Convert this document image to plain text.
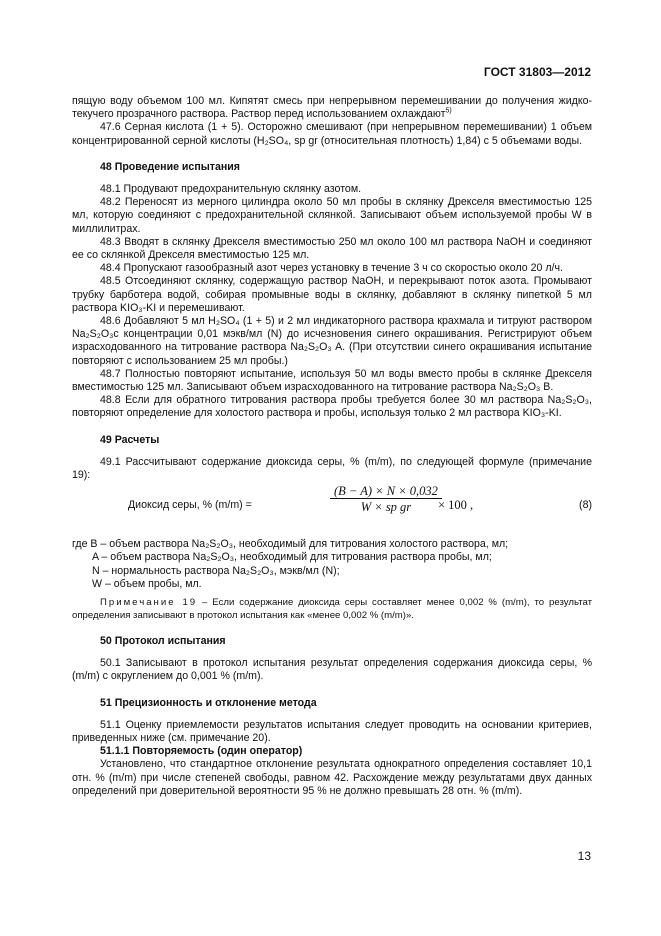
ГОСТ 31803—2012

пящую воду объемом 100 мл. Кипятят смесь при непрерывном перемешивании до получения жидкотекучего прозрачного раствора. Раствор перед использованием охлаждают$^{5)}$

47.6 Серная кислота (1 + 5). Осторожно смешивают (при непрерывном перемешивании) 1 объем концентрированной серной кислоты (H₂SO₄, sp gr (относительная плотность) 1,84) с 5 объемами воды.

48 Проведение испытания

48.1 Продувают предохранительную склянку азотом.

48.2 Переносят из мерного цилиндра около 50 мл пробы в склянку Дрекселя вместимостью 125 мл, которую соединяют с предохранительной склянкой. Записывают объем используемой пробы W в миллилитрах.

48.3 Вводят в склянку Дрекселя вместимостью 250 мл около 100 мл раствора NaOH и соединяют ее со склянкой Дрекселя вместимостью 125 мл.

48.4 Пропускают газообразный азот через установку в течение 3 ч со скоростью около 20 л/ч.

48.5 Отсоединяют склянку, содержащую раствор NaOH, и перекрывают поток азота. Промывают трубку барботера водой, собирая промывные воды в склянку, добавляют в склянку пипеткой 5 мл раствора KIO₃-KI и перемешивают.

48.6 Добавляют 5 мл H₂SO₄ (1 + 5) и 2 мл индикаторного раствора крахмала и титруют раствором Na₂S₂O₃с концентрации 0,01 мэкв/мл (N) до исчезновения синего окрашивания. Регистрируют объем израсходованного на титрование раствора Na₂S₂O₃ A. (При отсутствии синего окрашивания испытание повторяют с использованием 25 мл пробы.)

48.7 Полностью повторяют испытание, используя 50 мл воды вместо пробы в склянке Дрекселя вместимостью 125 мл. Записывают объем израсходованного на титрование раствора Na₂S₂O₃ B.

48.8 Если для обратного титрования раствора пробы требуется более 30 мл раствора Na₂S₂O₃, повторяют определение для холостого раствора и пробы, используя только 2 мл раствора KIO₃-KI.

49 Расчеты

49.1 Рассчитывают содержание диоксида серы, % (m/m), по следующей формуле (примечание 19):

Диоксид серы, % (m/m) =	$\frac{(B - A) \times N \times 0,032}{\text{W × sp gr}}$
× 100 ,	(8)

где B – объем раствора Na₂S₂O₃, необходимый для титрования холостого раствора, мл;

A – объем раствора Na₂S₂O₃, необходимый для титрования раствора пробы, мл;

N – нормальность раствора Na₂S₂O₃, мэкв/мл (N);

W – объем пробы, мл.

Примечание 19 – Если содержание диоксида серы составляет менее 0,002 % (m/m), то результат определения записывают в протокол испытания как «менее 0,002 % (m/m)».

50 Протокол испытания

50.1 Записывают в протокол испытания результат определения содержания диоксида серы, % (m/m) с округлением до 0,001 % (m/m).

51 Прецизионность и отклонение метода

51.1 Оценку приемлемости результатов испытания следует проводить на основании критериев, приведенных ниже (см. примечание 20).

51.1.1 Повторяемость (один оператор)

Установлено, что стандартное отклонение результата однократного определения составляет 10,1 отн. % (m/m) при числе степеней свободы, равном 42. Расхождение между результатами двух данных определений при доверительной вероятности 95 % не должно превышать 28 отн. % (m/m).

13
